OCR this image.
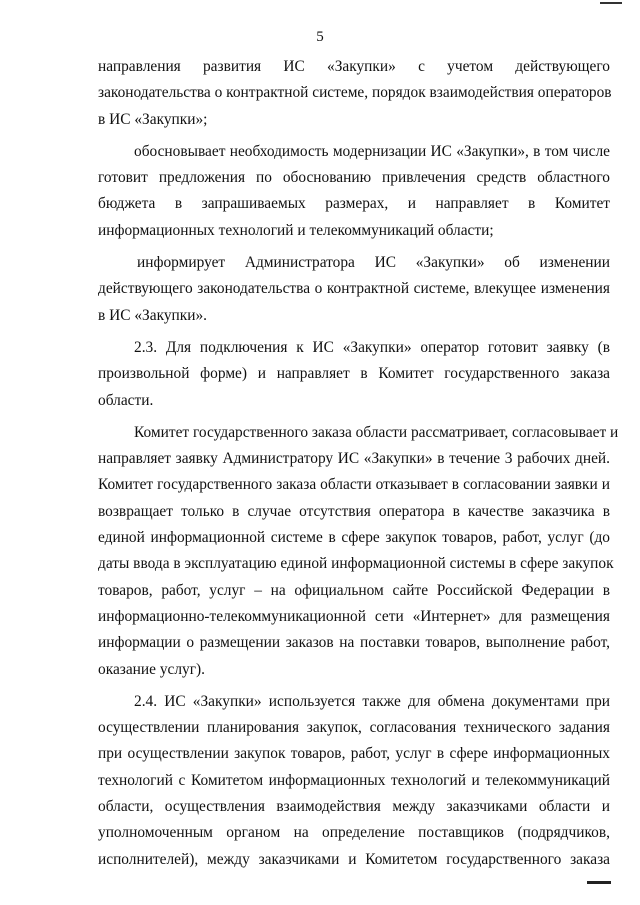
5
направления развития ИС «Закупки» с учетом действующего
законодательства о контрактной системе, порядок взаимодействия операторов
в ИС «Закупки»;
обосновывает необходимость модернизации ИС «Закупки», в том числе
готовит предложения по обоснованию привлечения средств областного
бюджета в запрашиваемых размерах, и направляет в Комитет
информационных технологий и телекоммуникаций области;
информирует Администратора ИС «Закупки» об изменении
действующего законодательства о контрактной системе, влекущее изменения
в ИС «Закупки».
2.3. Для подключения к ИС «Закупки» оператор готовит заявку (в
произвольной форме) и направляет в Комитет государственного заказа
области.
Комитет государственного заказа области рассматривает, согласовывает и
направляет заявку Администратору ИС «Закупки» в течение 3 рабочих дней.
Комитет государственного заказа области отказывает в согласовании заявки и
возвращает только в случае отсутствия оператора в качестве заказчика в
единой информационной системе в сфере закупок товаров, работ, услуг (до
даты ввода в эксплуатацию единой информационной системы в сфере закупок
товаров, работ, услуг – на официальном сайте Российской Федерации в
информационно-телекоммуникационной сети «Интернет» для размещения
информации о размещении заказов на поставки товаров, выполнение работ,
оказание услуг).
2.4. ИС «Закупки» используется также для обмена документами при
осуществлении планирования закупок, согласования технического задания
при осуществлении закупок товаров, работ, услуг в сфере информационных
технологий с Комитетом информационных технологий и телекоммуникаций
области, осуществления взаимодействия между заказчиками области и
уполномоченным органом на определение поставщиков (подрядчиков,
исполнителей), между заказчиками и Комитетом государственного заказа
